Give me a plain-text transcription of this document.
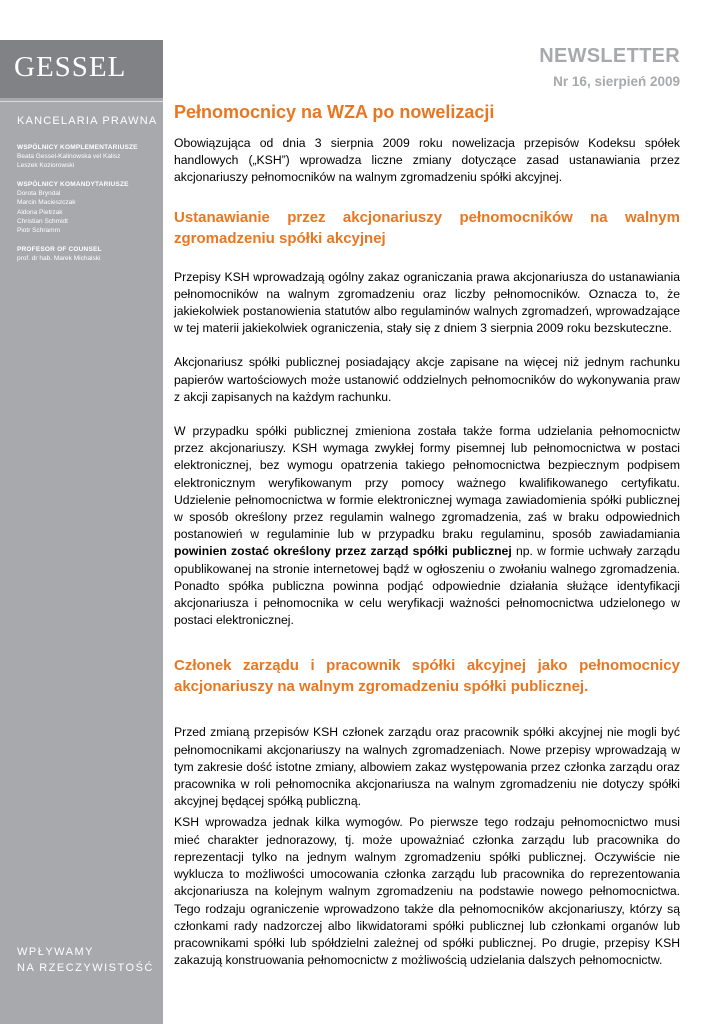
GESSEL
KANCELARIA PRAWNA
WSPÓLNICY KOMPLEMENTARIUSZE
Beata Gessel-Kalinowska vel Kalisz
Leszek Koziorowski
WSPÓLNICY KOMANDYTARIUSZE
Dorota Bryndal
Marcin Macieszczak
Aldona Pietrzak
Christian Schmidt
Piotr Schramm
PROFESOR OF COUNSEL
prof. dr hab. Marek Michalski
WPŁYWAMY
NA RZECZYWISTOŚĆ
NEWSLETTER
Nr 16, sierpień 2009
Pełnomocnicy na WZA po nowelizacji

Obowiązująca od dnia 3 sierpnia 2009 roku nowelizacja przepisów Kodeksu spółek handlowych („KSH”) wprowadza liczne zmiany dotyczące zasad ustanawiania przez akcjonariuszy pełnomocników na walnym zgromadzeniu spółki akcyjnej.

Ustanawianie przez akcjonariuszy pełnomocników na walnym zgromadzeniu spółki akcyjnej

Przepisy KSH wprowadzają ogólny zakaz ograniczania prawa akcjonariusza do ustanawiania pełnomocników na walnym zgromadzeniu oraz liczby pełnomocników. Oznacza to, że jakiekolwiek postanowienia statutów albo regulaminów walnych zgromadzeń, wprowadzające w tej materii jakiekolwiek ograniczenia, stały się z dniem 3 sierpnia 2009 roku bezskuteczne.

Akcjonariusz spółki publicznej posiadający akcje zapisane na więcej niż jednym rachunku papierów wartościowych może ustanowić oddzielnych pełnomocników do wykonywania praw z akcji zapisanych na każdym rachunku.

W przypadku spółki publicznej zmieniona została także forma udzielania pełnomocnictw przez akcjonariuszy. KSH wymaga zwykłej formy pisemnej lub pełnomocnictwa w postaci elektronicznej, bez wymogu opatrzenia takiego pełnomocnictwa bezpiecznym podpisem elektronicznym weryfikowanym przy pomocy ważnego kwalifikowanego certyfikatu. Udzielenie pełnomocnictwa w formie elektronicznej wymaga zawiadomienia spółki publicznej w sposób określony przez regulamin walnego zgromadzenia, zaś w braku odpowiednich postanowień w regulaminie lub w przypadku braku regulaminu, sposób zawiadamiania powinien zostać określony przez zarząd spółki publicznej np. w formie uchwały zarządu opublikowanej na stronie internetowej bądź w ogłoszeniu o zwołaniu walnego zgromadzenia. Ponadto spółka publiczna powinna podjąć odpowiednie działania służące identyfikacji akcjonariusza i pełnomocnika w celu weryfikacji ważności pełnomocnictwa udzielonego w postaci elektronicznej.

Członek zarządu i pracownik spółki akcyjnej jako pełnomocnicy akcjonariuszy na walnym zgromadzeniu spółki publicznej.

Przed zmianą przepisów KSH członek zarządu oraz pracownik spółki akcyjnej nie mogli być pełnomocnikami akcjonariuszy na walnych zgromadzeniach. Nowe przepisy wprowadzają w tym zakresie dość istotne zmiany, albowiem zakaz występowania przez członka zarządu oraz pracownika w roli pełnomocnika akcjonariusza na walnym zgromadzeniu nie dotyczy spółki akcyjnej będącej spółką publiczną.

KSH wprowadza jednak kilka wymogów. Po pierwsze tego rodzaju pełnomocnictwo musi mieć charakter jednorazowy, tj. może upoważniać członka zarządu lub pracownika do reprezentacji tylko na jednym walnym zgromadzeniu spółki publicznej. Oczywiście nie wyklucza to możliwości umocowania członka zarządu lub pracownika do reprezentowania akcjonariusza na kolejnym walnym zgromadzeniu na podstawie nowego pełnomocnictwa. Tego rodzaju ograniczenie wprowadzono także dla pełnomocników akcjonariuszy, którzy są członkami rady nadzorczej albo likwidatorami spółki publicznej lub członkami organów lub pracownikami spółki lub spółdzielni zależnej od spółki publicznej. Po drugie, przepisy KSH zakazują konstruowania pełnomocnictw z możliwością udzielania dalszych pełnomocnictw.
